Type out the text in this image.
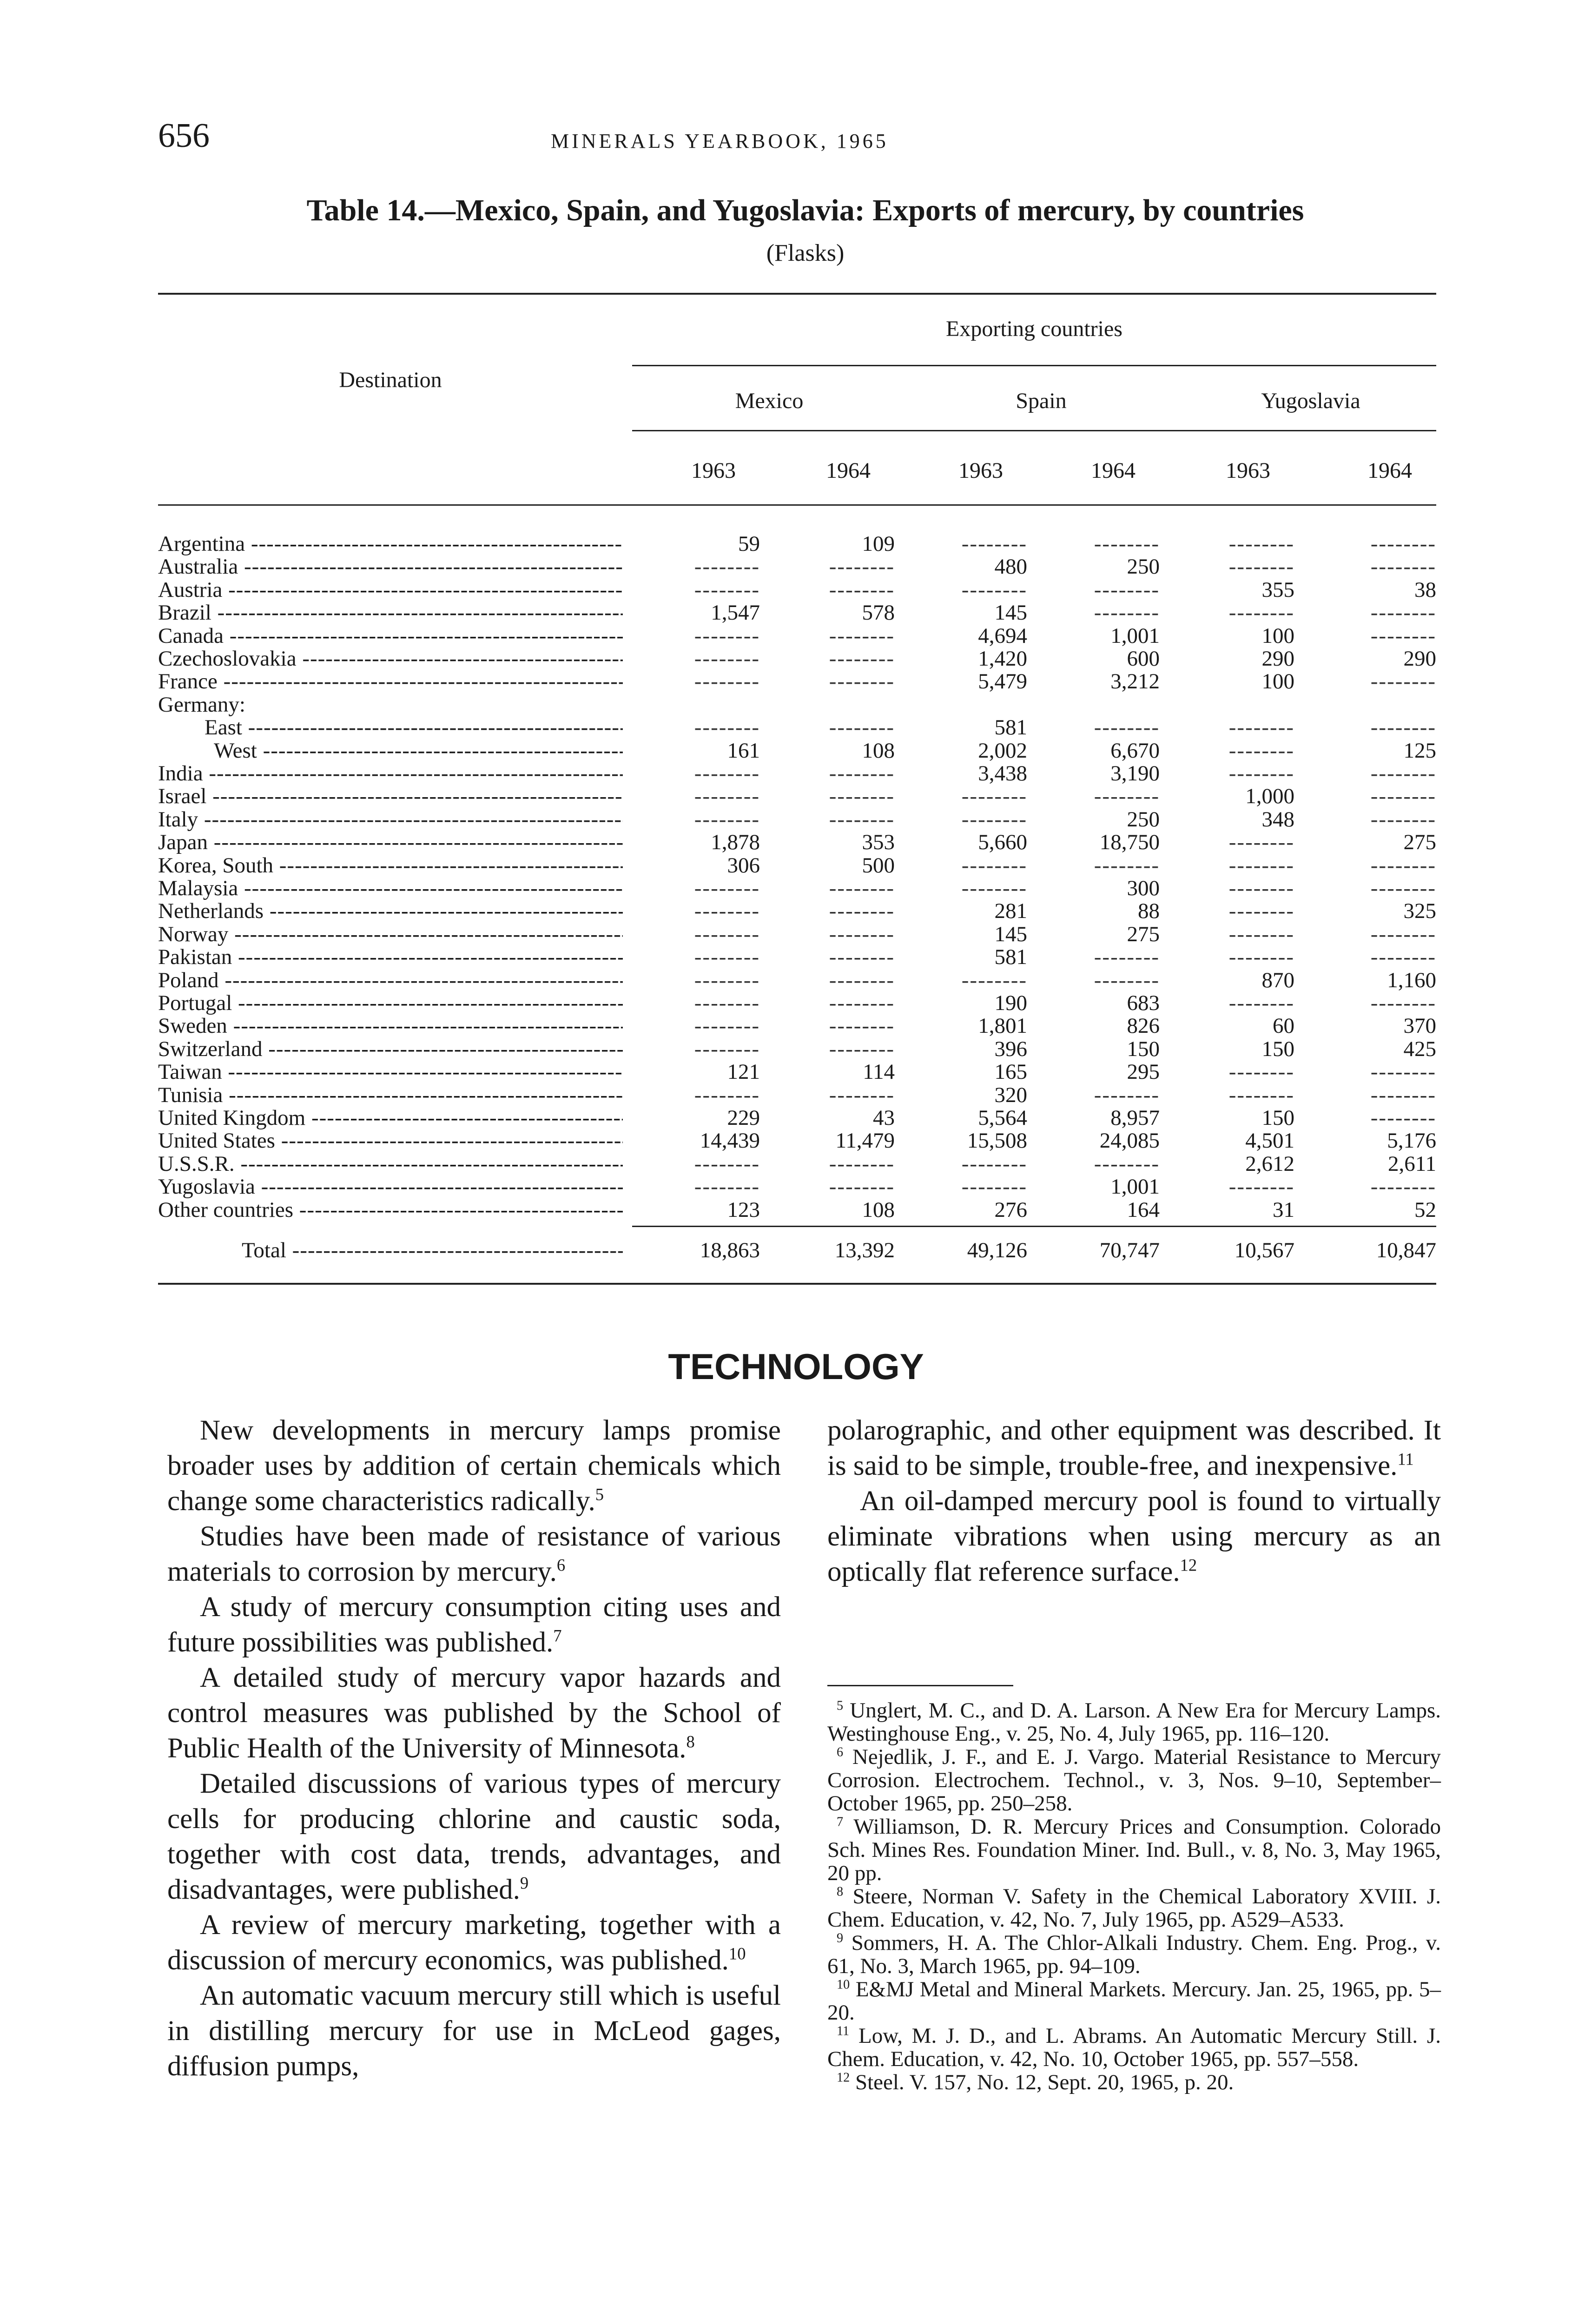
656	MINERALS YEARBOOK, 1965
Table 14.—Mexico, Spain, and Yugoslavia: Exports of mercury, by countries
(Flasks)
Destination
Exporting countries
Mexico	Spain	Yugoslavia
1963	1964	1963	1964	1963	1964
Argentina -----	59	109	--------	--------	--------	--------
Australia -----	--------	--------	480	250	--------	--------
Austria -----	--------	--------	--------	--------	355	38
Brazil -----	1,547	578	145	--------	--------	--------
Canada -----	--------	--------	4,694	1,001	100	--------
Czechoslovakia -----	--------	--------	1,420	600	290	290
France -----	--------	--------	5,479	3,212	100	--------
Germany:
East -----	--------	--------	581	--------	--------	--------
West -----	161	108	2,002	6,670	--------	125
India -----	--------	--------	3,438	3,190	--------	--------
Israel -----	--------	--------	--------	--------	1,000	--------
Italy -----	--------	--------	--------	250	348	--------
Japan -----	1,878	353	5,660	18,750	--------	275
Korea, South -----	306	500	--------	--------	--------	--------
Malaysia -----	--------	--------	--------	300	--------	--------
Netherlands -----	--------	--------	281	88	--------	325
Norway -----	--------	--------	145	275	--------	--------
Pakistan -----	--------	--------	581	--------	--------	--------
Poland -----	--------	--------	--------	--------	870	1,160
Portugal -----	--------	--------	190	683	--------	--------
Sweden -----	--------	--------	1,801	826	60	370
Switzerland -----	--------	--------	396	150	150	425
Taiwan -----	121	114	165	295	--------	--------
Tunisia -----	--------	--------	320	--------	--------	--------
United Kingdom -----	229	43	5,564	8,957	150	--------
United States -----	14,439	11,479	15,508	24,085	4,501	5,176
U.S.S.R. -----	--------	--------	--------	--------	2,612	2,611
Yugoslavia -----	--------	--------	--------	1,001	--------	--------
Other countries -----	123	108	276	164	31	52
Total -----	18,863	13,392	49,126	70,747	10,567	10,847
TECHNOLOGY

New developments in mercury lamps promise broader uses by addition of certain chemicals which change some characteristics radically.$^5$

Studies have been made of resistance of various materials to corrosion by mercury.$^6$

A study of mercury consumption citing uses and future possibilities was published.$^7$

A detailed study of mercury vapor hazards and control measures was published by the School of Public Health of the University of Minnesota.$^8$

Detailed discussions of various types of mercury cells for producing chlorine and caustic soda, together with cost data, trends, advantages, and disadvantages, were published.$^9$

A review of mercury marketing, together with a discussion of mercury economics, was published.$^{10}$

An automatic vacuum mercury still which is useful in distilling mercury for use in McLeod gages, diffusion pumps,

polarographic, and other equipment was described. It is said to be simple, trouble-free, and inexpensive.$^{11}$

An oil-damped mercury pool is found to virtually eliminate vibrations when using mercury as an optically flat reference surface.$^{12}$

$^5$ Unglert, M. C., and D. A. Larson. A New Era for Mercury Lamps. Westinghouse Eng., v. 25, No. 4, July 1965, pp. 116–120.

$^6$ Nejedlik, J. F., and E. J. Vargo. Material Resistance to Mercury Corrosion. Electrochem. Technol., v. 3, Nos. 9–10, September–October 1965, pp. 250–258.

$^7$ Williamson, D. R. Mercury Prices and Consumption. Colorado Sch. Mines Res. Foundation Miner. Ind. Bull., v. 8, No. 3, May 1965, 20 pp.

$^8$ Steere, Norman V. Safety in the Chemical Laboratory XVIII. J. Chem. Education, v. 42, No. 7, July 1965, pp. A529–A533.

$^9$ Sommers, H. A. The Chlor-Alkali Industry. Chem. Eng. Prog., v. 61, No. 3, March 1965, pp. 94–109.

$^{10}$ E&MJ Metal and Mineral Markets. Mercury. Jan. 25, 1965, pp. 5–20.

$^{11}$ Low, M. J. D., and L. Abrams. An Automatic Mercury Still. J. Chem. Education, v. 42, No. 10, October 1965, pp. 557–558.

$^{12}$ Steel. V. 157, No. 12, Sept. 20, 1965, p. 20.
